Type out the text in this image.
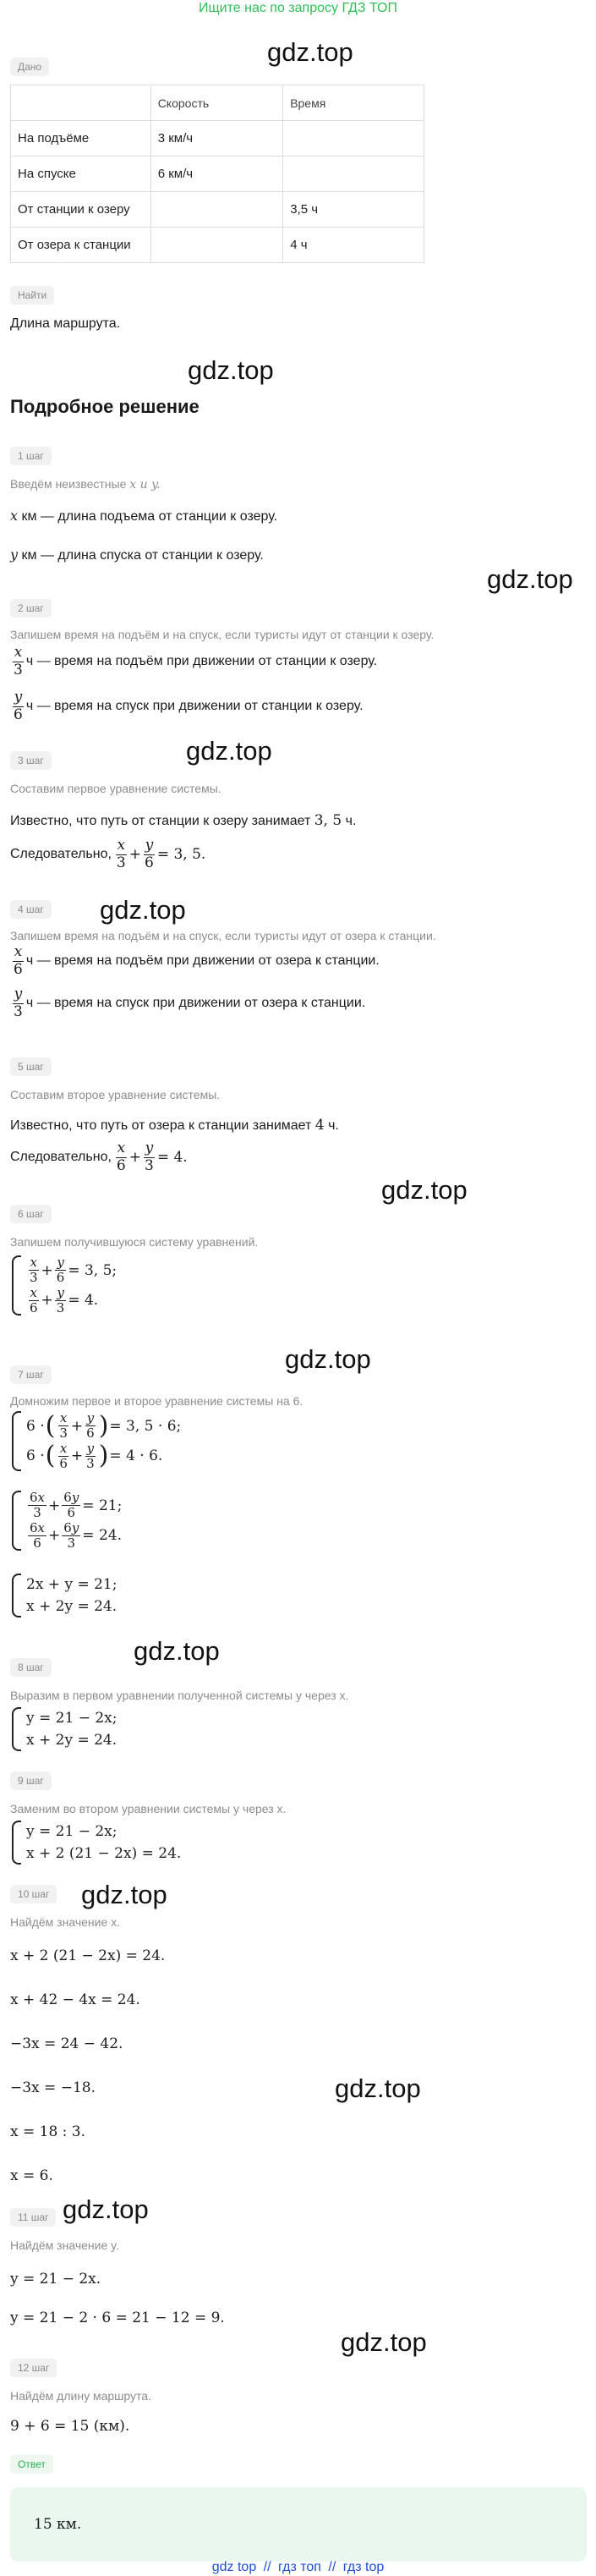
Ищите нас по запросу ГДЗ ТОП
gdz.top
gdz.top
gdz.top
gdz.top
gdz.top
gdz.top
gdz.top
gdz.top
gdz.top
gdz.top
gdz.top
gdz.top
Дано
	Скорость	Время
На подъёме	3 км/ч	
На спуске	6 км/ч	
От станции к озеру		3,5 ч
От озера к станции		4 ч
Найти
Длина маршрута.
Подробное решение
1 шаг
Введём неизвестные x и y.
x км — длина подъема от станции к озеру.
y км — длина спуска от станции к озеру.
2 шаг
Запишем время на подъём и на спуск, если туристы идут от станции к озеру.
$\frac{x}{3}$ ч — время на подъём при движении от станции к озеру.
$\frac{y}{6}$ ч — время на спуск при движении от станции к озеру.
3 шаг
Составим первое уравнение системы.
Известно, что путь от станции к озеру занимает 3, 5 ч.
Следовательно, $\frac{x}{3} + \frac{y}{6} = 3$, 5.
4 шаг
Запишем время на подъём и на спуск, если туристы идут от озера к станции.
$\frac{x}{6}$ ч — время на подъём при движении от озера к станции.
$\frac{y}{3}$ ч — время на спуск при движении от озера к станции.
5 шаг
Составим второе уравнение системы.
Известно, что путь от озера к станции занимает 4 ч.
Следовательно, $\frac{x}{6} + \frac{y}{3} = 4$.
6 шаг
Запишем получившуюся систему уравнений.
$\frac{x}{3} + \frac{y}{6} = 3$, 5;
$\frac{x}{6} + \frac{y}{3} = 4$.
7 шаг
Домножим первое и второе уравнение системы на 6.
6 · ( $\frac{x}{3} + \frac{y}{6}$ ) = 3, 5 · 6;
6 · ( $\frac{x}{6} + \frac{y}{3}$ ) = 4 · 6.
$\frac{6x}{3} + \frac{6y}{6} = 21$;
$\frac{6x}{6} + \frac{6y}{3} = 24$.
2x + y = 21;
x + 2y = 24.
8 шаг
Выразим в первом уравнении полученной системы y через x.
y = 21 − 2x;
x + 2y = 24.
9 шаг
Заменим во втором уравнении системы y через x.
y = 21 − 2x;
x + 2 (21 − 2x) = 24.
10 шаг
Найдём значение x.
x + 2 (21 − 2x) = 24.
x + 42 − 4x = 24.
−3x = 24 − 42.
−3x = −18.
x = 18 : 3.
x = 6.
11 шаг
Найдём значение y.
y = 21 − 2x.
y = 21 − 2 · 6 = 21 − 12 = 9.
12 шаг
Найдём длину маршрута.
9 + 6 = 15 (км).
Ответ
15 км.
gdz top // гдз топ // гдз top
